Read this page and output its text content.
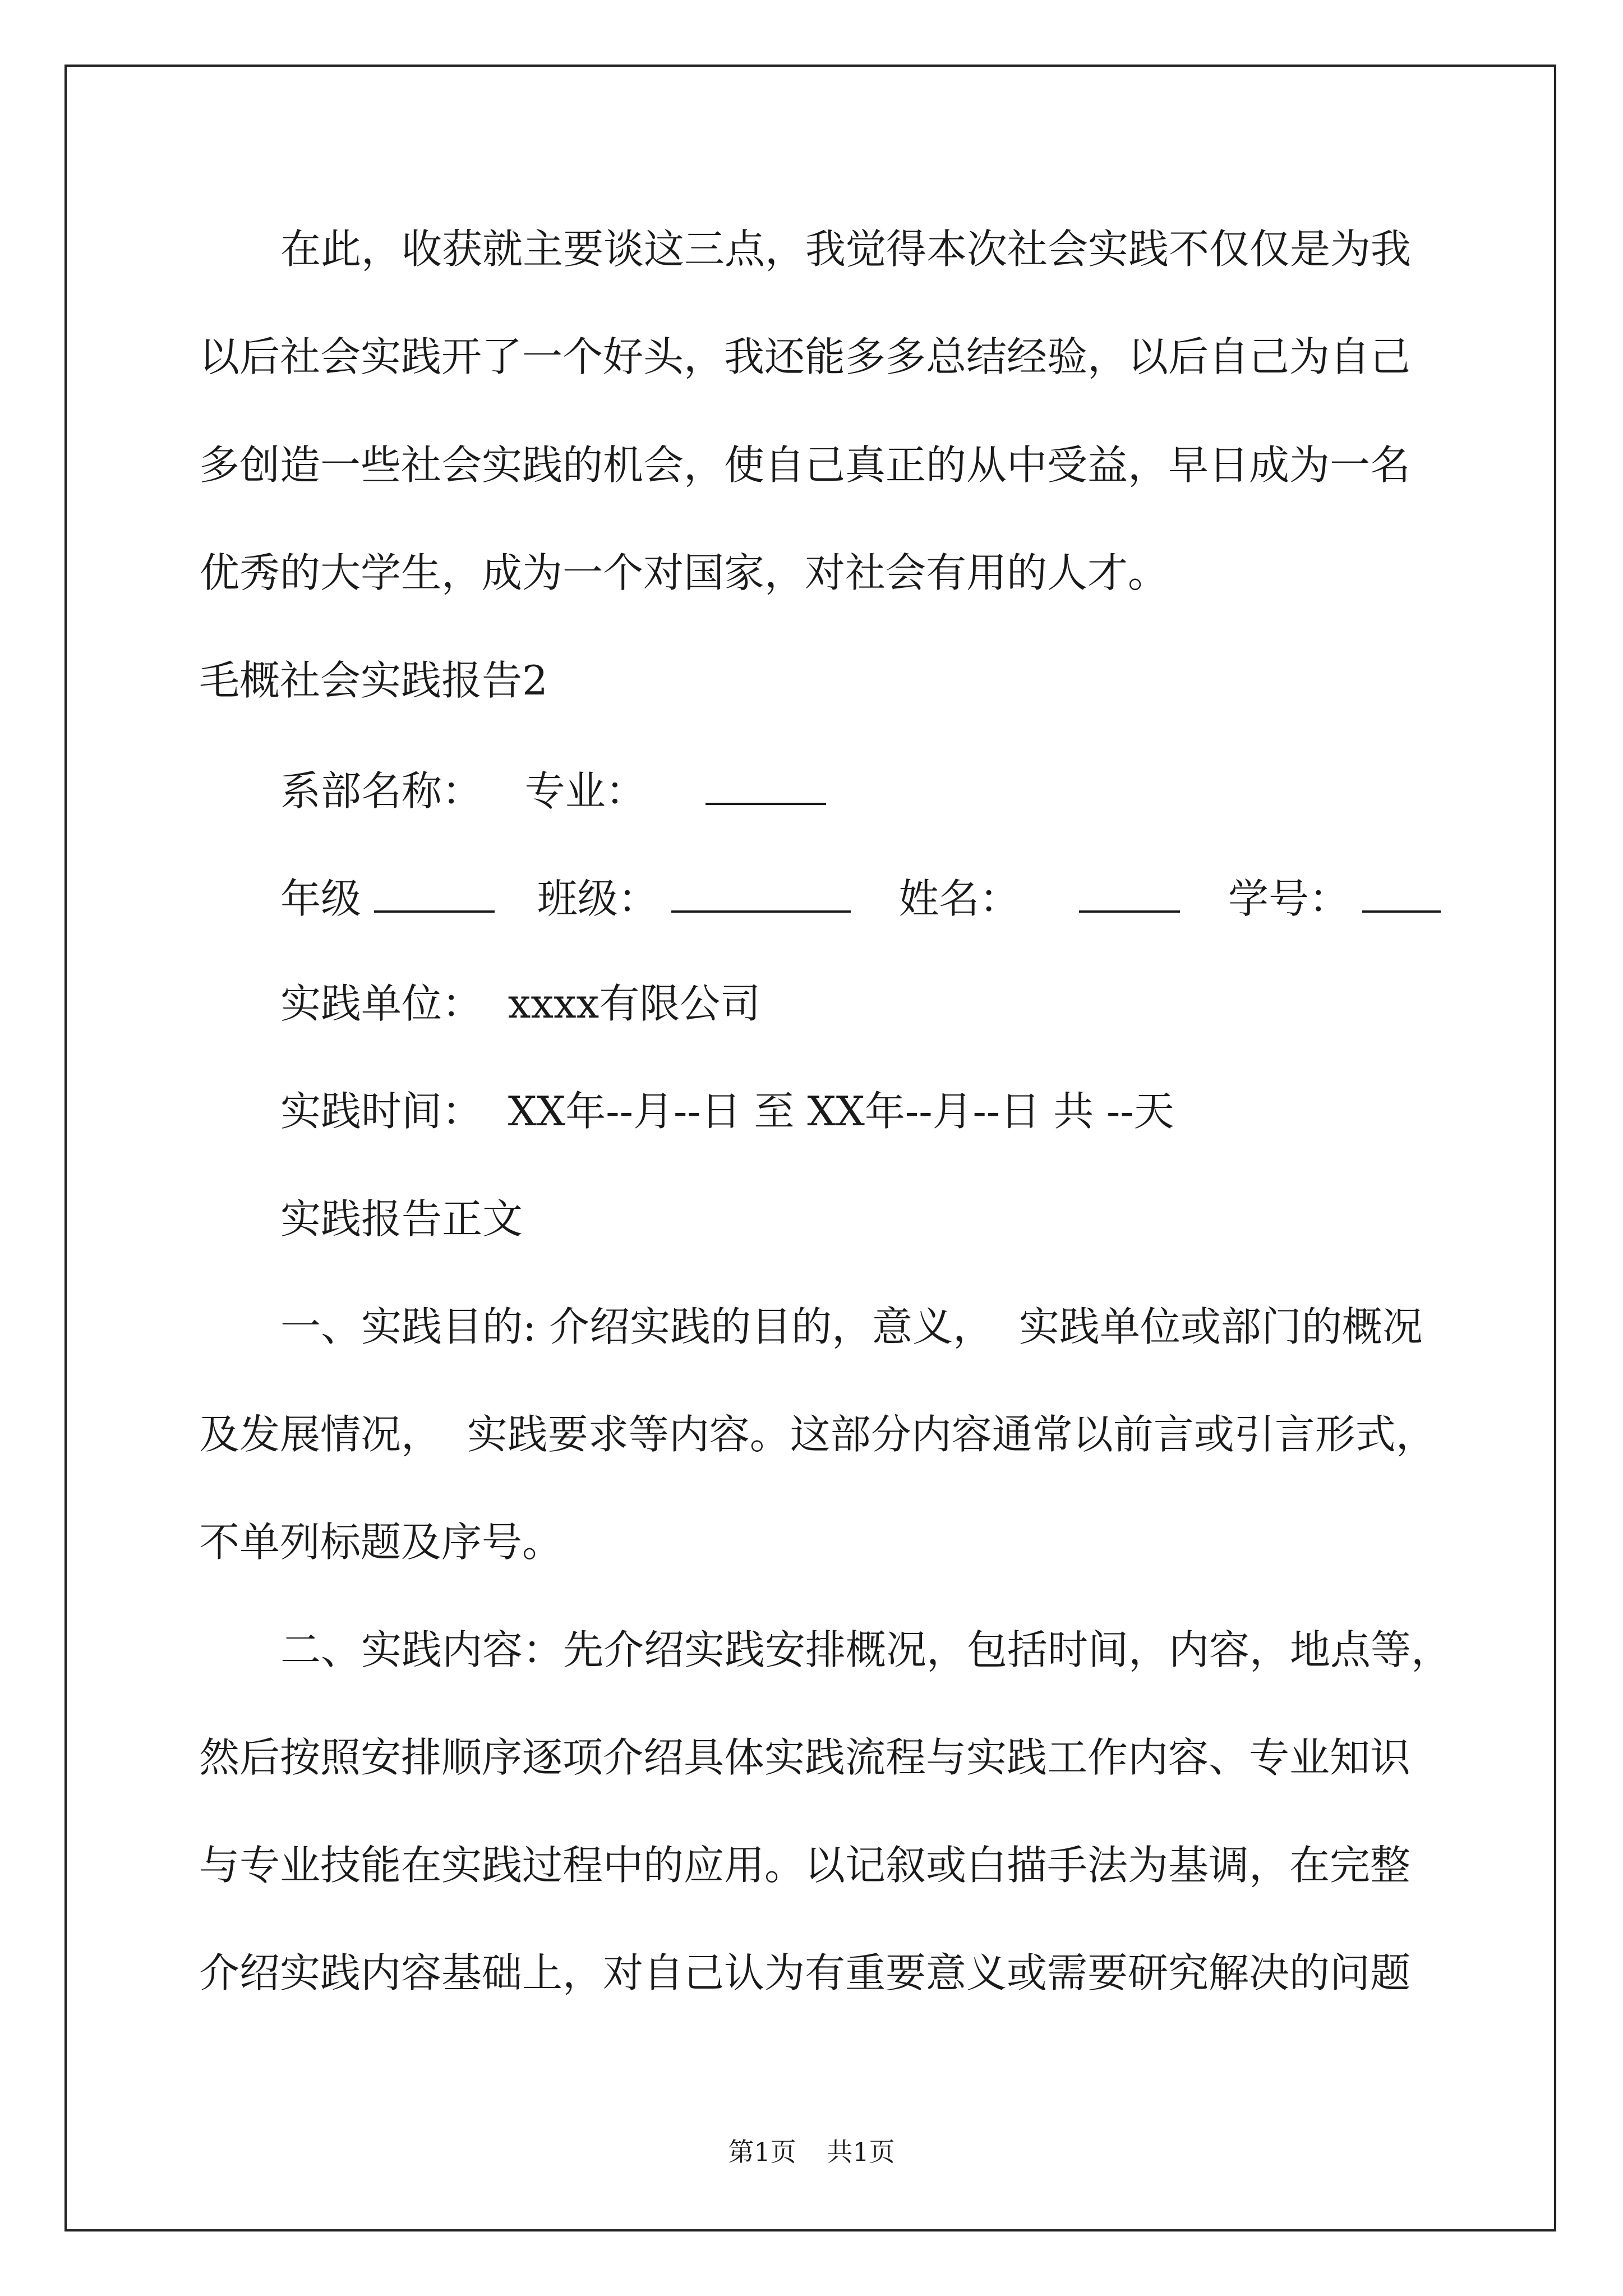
在此，收获就主要谈这三点，我觉得本次社会实践不仅仅是为我
以后社会实践开了一个好头，我还能多多总结经验，以后自己为自己
多创造一些社会实践的机会，使自己真正的从中受益，早日成为一名
优秀的大学生，成为一个对国家，对社会有用的人才。
毛概社会实践报告2
系部名称： 专业：
年级	班级：	姓名：	学号：
实践单位：  xxxx有限公司
实践时间：  XX年--月--日 至 XX年--月--日 共 --天
实践报告正文
一、实践目的: 介绍实践的目的，意义，  实践单位或部门的概况
及发展情况，  实践要求等内容。这部分内容通常以前言或引言形式，
不单列标题及序号。
二、实践内容：先介绍实践安排概况，包括时间，内容，地点等，
然后按照安排顺序逐项介绍具体实践流程与实践工作内容、专业知识
与专业技能在实践过程中的应用。以记叙或白描手法为基调，在完整
介绍实践内容基础上，对自己认为有重要意义或需要研究解决的问题
第1页 共1页
